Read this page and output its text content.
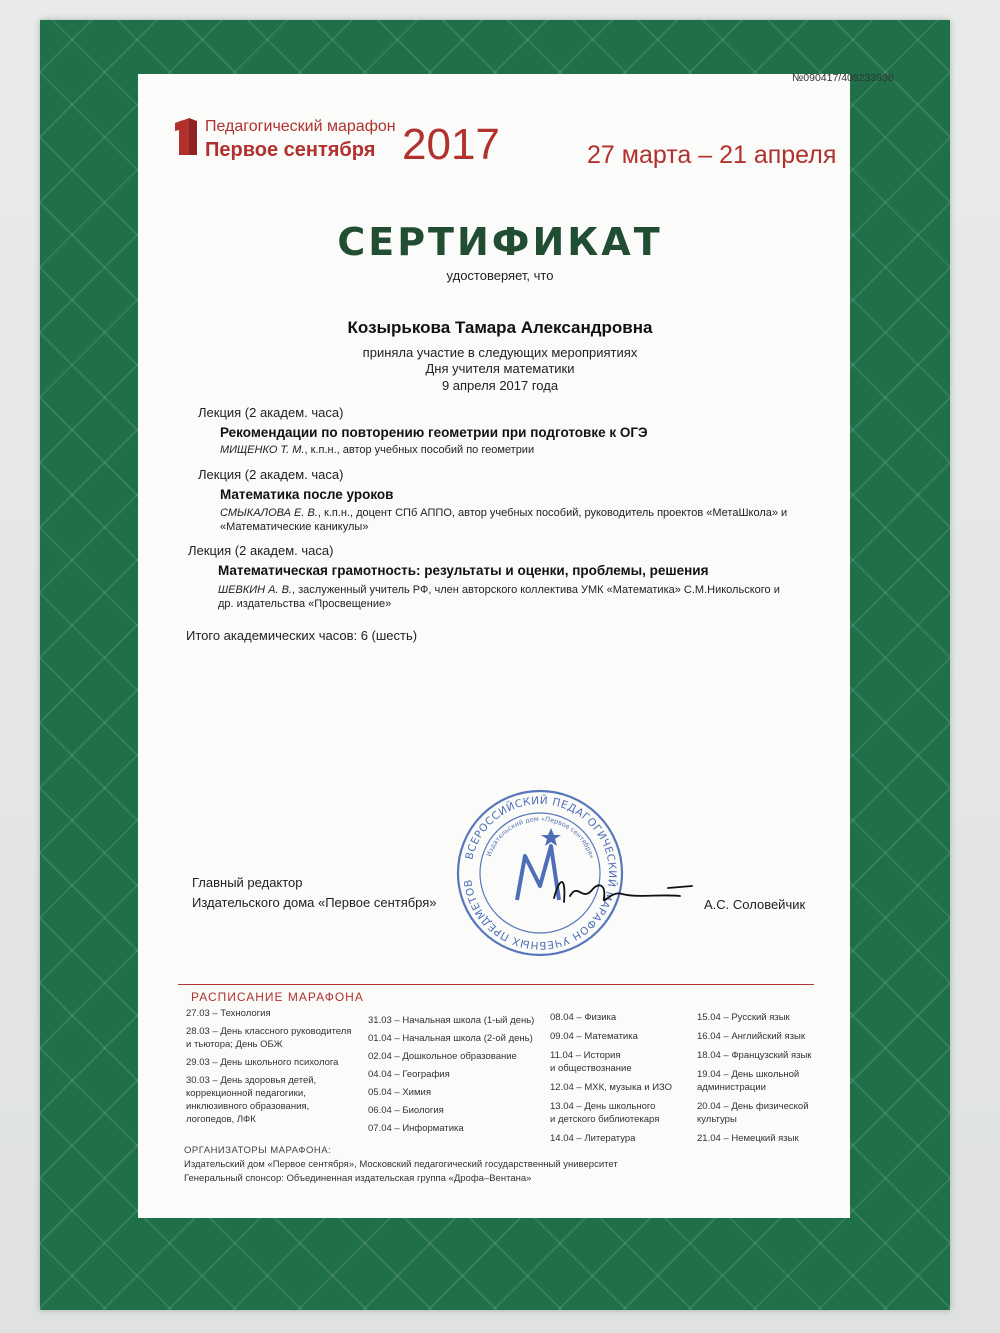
№090417/408233938
Педагогический марафон
Первое сентября 2017	27 марта – 21 апреля
СЕРТИФИКАТ
удостоверяет, что
Козырькова Тамара Александровна
приняла участие в следующих мероприятиях
Дня учителя математики
9 апреля 2017 года
Лекция (2 академ. часа)
Рекомендации по повторению геометрии при подготовке к ОГЭ
МИЩЕНКО Т. М., к.п.н., автор учебных пособий по геометрии
Лекция (2 академ. часа)
Математика после уроков
СМЫКАЛОВА Е. В., к.п.н., доцент СПб АППО, автор учебных пособий, руководитель проектов «МетаШкола» и
«Математические каникулы»
Лекция (2 академ. часа)
Математическая грамотность: результаты и оценки, проблемы, решения
ШЕВКИН А. В., заслуженный учитель РФ, член авторского коллектива УМК «Математика» С.М.Никольского и
др. издательства «Просвещение»
Итого академических часов: 6 (шесть)
ВСЕРОССИЙСКИЙ ПЕДАГОГИЧЕСКИЙ МАРАФОН УЧЕБНЫХ ПРЕДМЕТОВ
Издательский дом «Первое сентября»
Главный редактор
Издательского дома «Первое сентября»	А.С. Соловейчик
РАСПИСАНИЕ МАРАФОНА
27.03 – Технология
28.03 – День классного руководителя
и тьютора; День ОБЖ
29.03 – День школьного психолога
30.03 – День здоровья детей,
коррекционной педагогики,
инклюзивного образования,
логопедов, ЛФК
31.03 – Начальная школа (1-ый день)
01.04 – Начальная школа (2-ой день)
02.04 – Дошкольное образование
04.04 – География
05.04 – Химия
06.04 – Биология
07.04 – Информатика
08.04 – Физика
09.04 – Математика
11.04 – История
и обществознание
12.04 – МХК, музыка и ИЗО
13.04 – День школьного
и детского библиотекаря
14.04 – Литература
15.04 – Русский язык
16.04 – Английский язык
18.04 – Французский язык
19.04 – День школьной
администрации
20.04 – День физической
культуры
21.04 – Немецкий язык
ОРГАНИЗАТОРЫ МАРАФОНА:
Издательский дом «Первое сентября», Московский педагогический государственный университет
Генеральный спонсор: Объединенная издательская группа «Дрофа–Вентана»
